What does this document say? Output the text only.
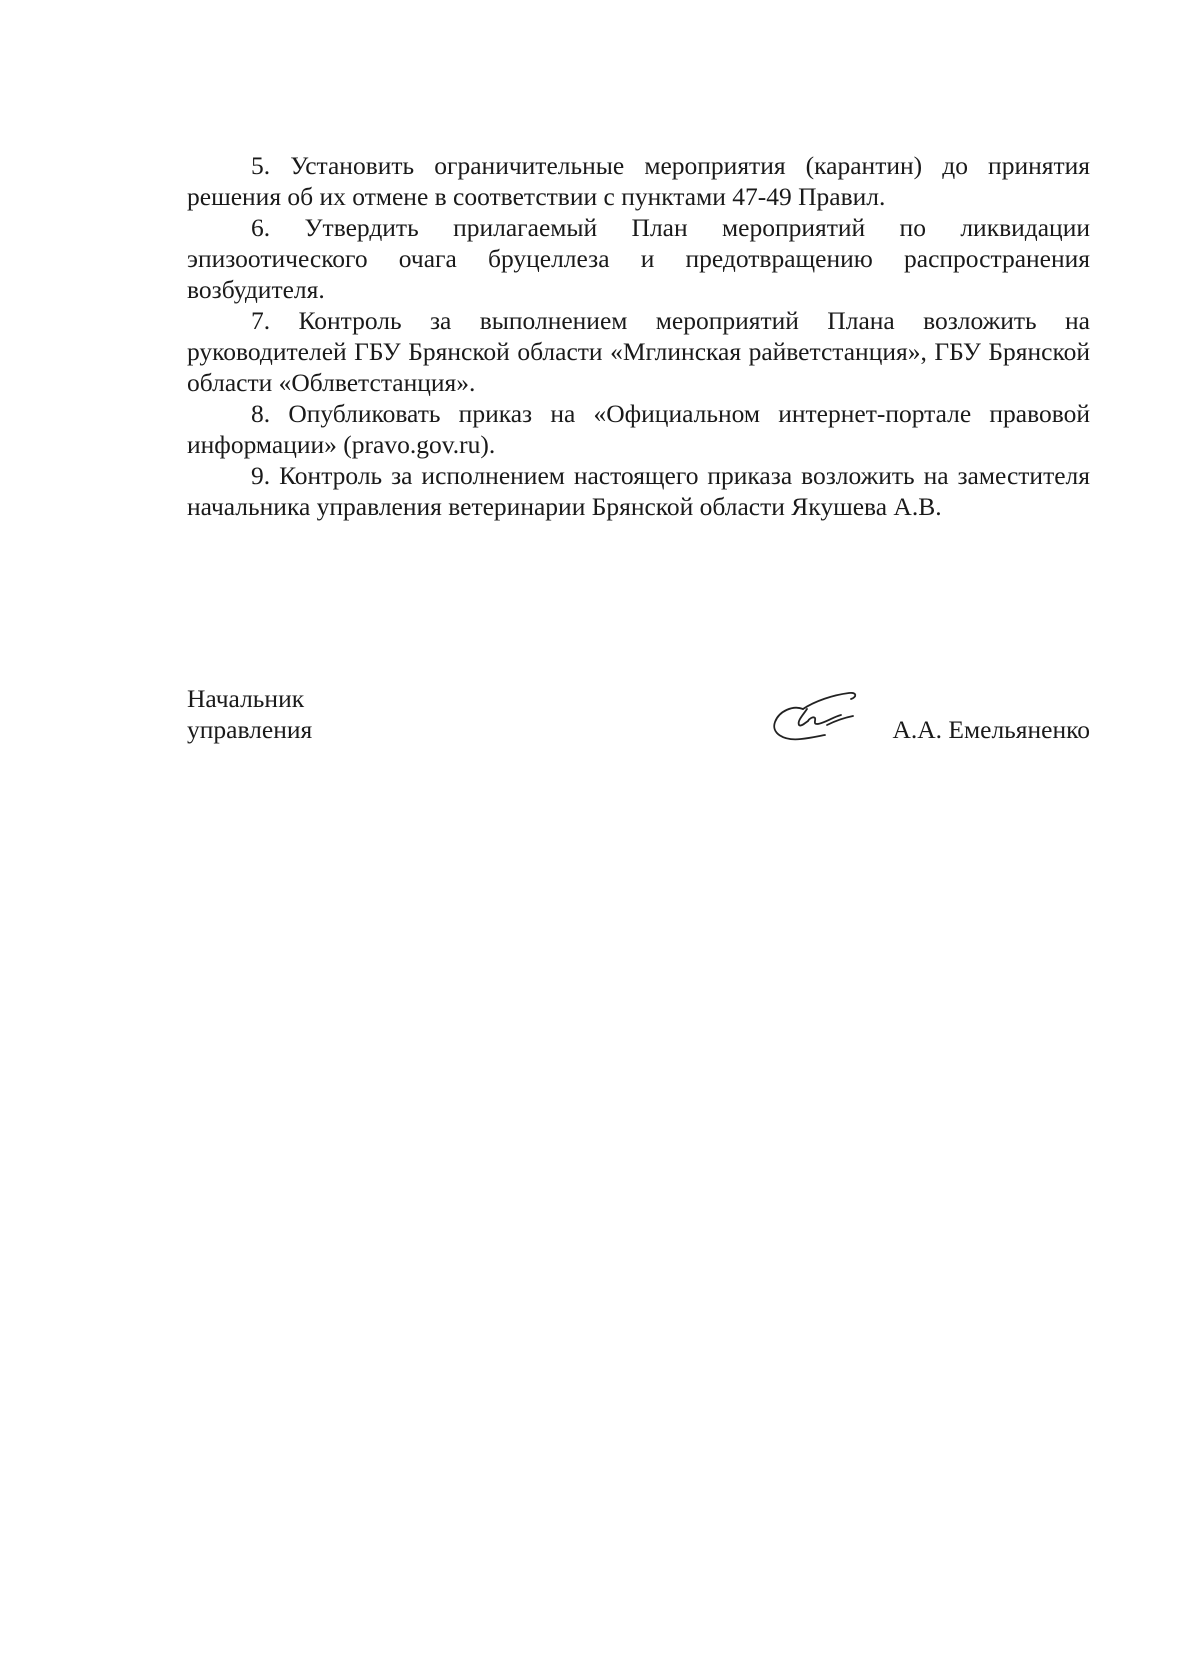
5. Установить ограничительные мероприятия (карантин) до принятия решения об их отмене в соответствии с пунктами 47-49 Правил.

6. Утвердить прилагаемый План мероприятий по ликвидации эпизоотического очага бруцеллеза и предотвращению распространения возбудителя.

7. Контроль за выполнением мероприятий Плана возложить на руководителей ГБУ Брянской области «Мглинская райветстанция», ГБУ Брянской области «Облветстанция».

8. Опубликовать приказ на «Официальном интернет-портале правовой информации» (pravo.gov.ru).

9. Контроль за исполнением настоящего приказа возложить на заместителя начальника управления ветеринарии Брянской области Якушева А.В.

Начальник
управления	А.А. Емельяненко
